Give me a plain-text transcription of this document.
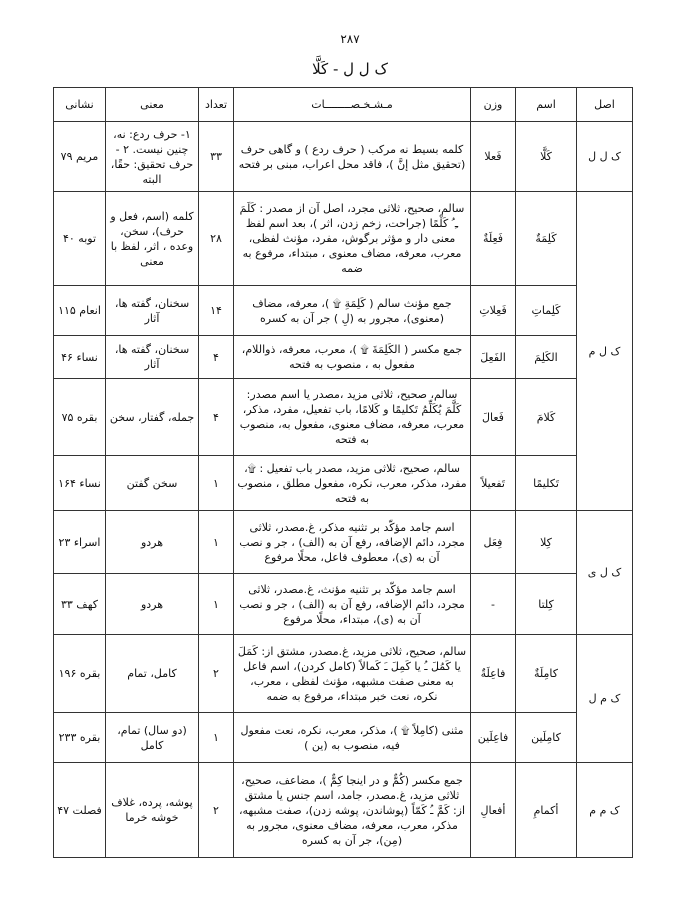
۲۸۷
ک ل ل - كَلَّا
اصل	اسم	وزن	مـشـخـصــــــــات	تعداد	معنی	نشانی
ک ل ل	كَلَّا	فَعلا	کلمه بسیط نه مرکب ( حرف ردع ) و گاهی حرف (تحقیق مثل إنَّ )، فاقد محل اعراب، مبنی بر فتحه	۳۳	۱- حرف ردع: نه، چنین نیست. ۲ - حرف تحقیق: حقًا، البته	مریم ۷۹
ک ل م	كَلِمَةٌ	فَعِلَةٌ	سالم، صحیح، ثلاثی مجرد، اصل آن از مصدر : كَلَمَ ـِ ُ كَلْمًا (جراحت، زخم زدن، اثر )، بعد اسم لفظ معنی دار و مؤثر برگوش، مفرد، مؤنث لفظی، معرب، معرفه، مضاف معنوی ، مبتداء، مرفوع به ضمه	۲۸	کلمه (اسم، فعل و حرف)، سخن، وعده ، اثر، لفظ با معنی	توبه ۴۰
	كَلِماتِ	فَعِلاتِ	جمع مؤنث سالم ( كَلِمَةِ ۩ )، معرفه، مضاف (معنوی)، مجرور به (لِ ) جر آن به کسره	۱۴	سخنان، گفته ها، آثار	انعام ۱۱۵
	الكَلِمَ	الفَعِلَ	جمع مکسر ( الكَلِمَةَ ۩ )، معرب، معرفه، ذواللام، مفعول به ، منصوب به فتحه	۴	سخنان، گفته ها، آثار	نساء ۴۶
	كَلامَ	فَعالَ	سالم، صحیح، ثلاثی مزید ،مصدر یا اسم مصدر: كَلَّمَ يُكَلِّمُ تَكليمًا و كَلامًا، باب تفعیل، مفرد، مذکر، معرب، معرفه، مضاف معنوی، مفعول به، منصوب به فتحه	۴	جمله، گفتار، سخن	بقره ۷۵
	تَكليمًا	تَفعيلاً	سالم، صحیح، ثلاثی مزید، مصدر باب تفعیل : ۩، مفرد، مذکر، معرب، نکره، مفعول مطلق ، منصوب به فتحه	۱	سخن گفتن	نساء ۱۶۴
ک ل ی	كِلا	فِعَل	اسم جامد مؤكّد بر تثنيه مذکر، غ.مصدر، ثلاثی مجرد، دائم الإضافه، رفع آن به (الف) ، جر و نصب آن به (ی)، معطوف فاعل، محلًا مرفوع	۱	هردو	اسراء ۲۳
	كِلتا	-	اسم جامد مؤكّد بر تثنيه مؤنث، غ.مصدر، ثلاثی مجرد، دائم الإضافه، رفع آن به (الف) ، جر و نصب آن به (ی)، مبتداء، محلًا مرفوع	۱	هردو	کهف ۳۳
ک م ل	كامِلَةٌ	فاعِلَةٌ	سالم، صحیح، ثلاثی مزید، غ.مصدر، مشتق از: كَمَلَ یا كَمُلَ ـُ یا كَمِلَ ـَ كَمالاً (کامل کردن)، اسم فاعل به معنی صفت مشبهه، مؤنث لفظی ، معرب، نکره، نعت خبر مبتداء، مرفوع به ضمه	۲	کامل، تمام	بقره ۱۹۶
	كامِلَين	فاعِلَين	مثنی (کامِلاً ۩ )، مذکر، معرب، نکره، نعت مفعول فیه، منصوب به (ین )	۱	(دو سال) تمام، کامل	بقره ۲۳۳
ک م م	أكمامِ	أفعالِ	جمع مکسر (كُمٌّ و در اینجا كِمٌّ )، مضاعف، صحیح، ثلاثی مزید، غ.مصدر، جامد، اسم جنس یا مشتق از: كَمَّ ـُ كَمّاً (پوشاندن، پوشه زدن)، صفت مشبهه، مذکر، معرب، معرفه، مضاف معنوی، مجرور به (مِن)، جر آن به کسره	۲	پوشه، پرده، غلاف خوشه خرما	فصلت ۴۷
